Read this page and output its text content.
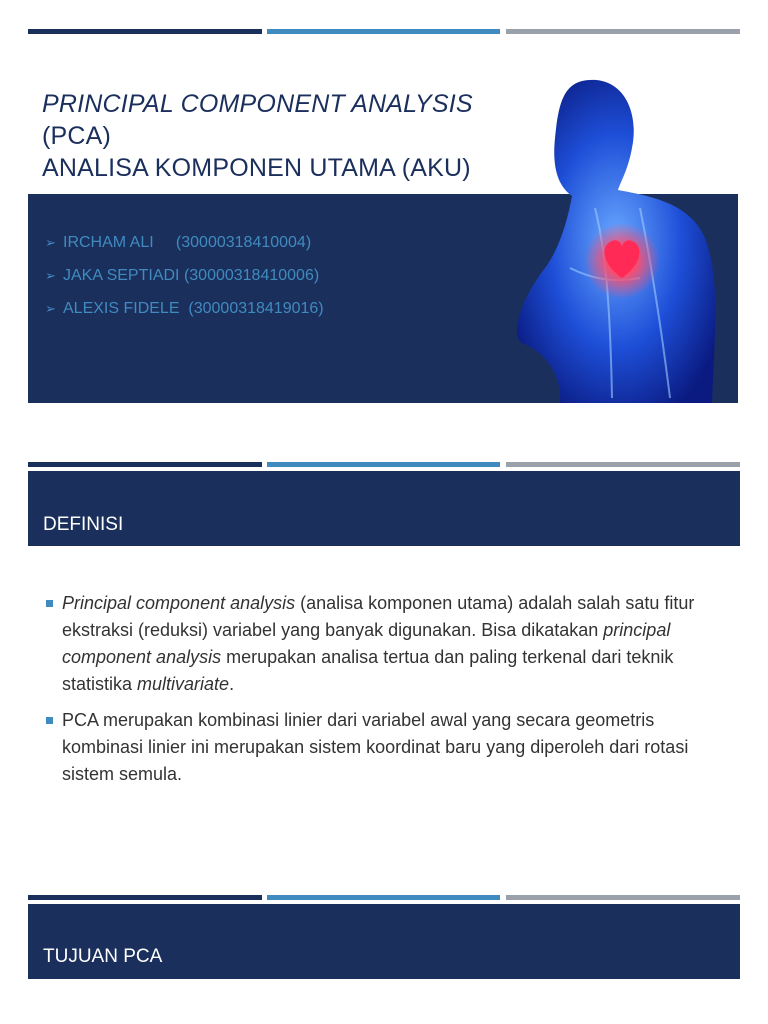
PRINCIPAL COMPONENT ANALYSIS (PCA)
ANALISA KOMPONEN UTAMA (AKU)
➢ IRCHAM ALI     (30000318410004)
➢ JAKA SEPTIADI (30000318410006)
➢ ALEXIS FIDELE  (30000318419016)
DEFINISI
Principal component analysis (analisa komponen utama) adalah salah satu fitur ekstraksi (reduksi) variabel yang banyak digunakan. Bisa dikatakan principal component analysis merupakan analisa tertua dan paling terkenal dari teknik statistika multivariate.
PCA merupakan kombinasi linier dari variabel awal yang secara geometris kombinasi linier ini merupakan sistem koordinat baru yang diperoleh dari rotasi sistem semula.
TUJUAN PCA
